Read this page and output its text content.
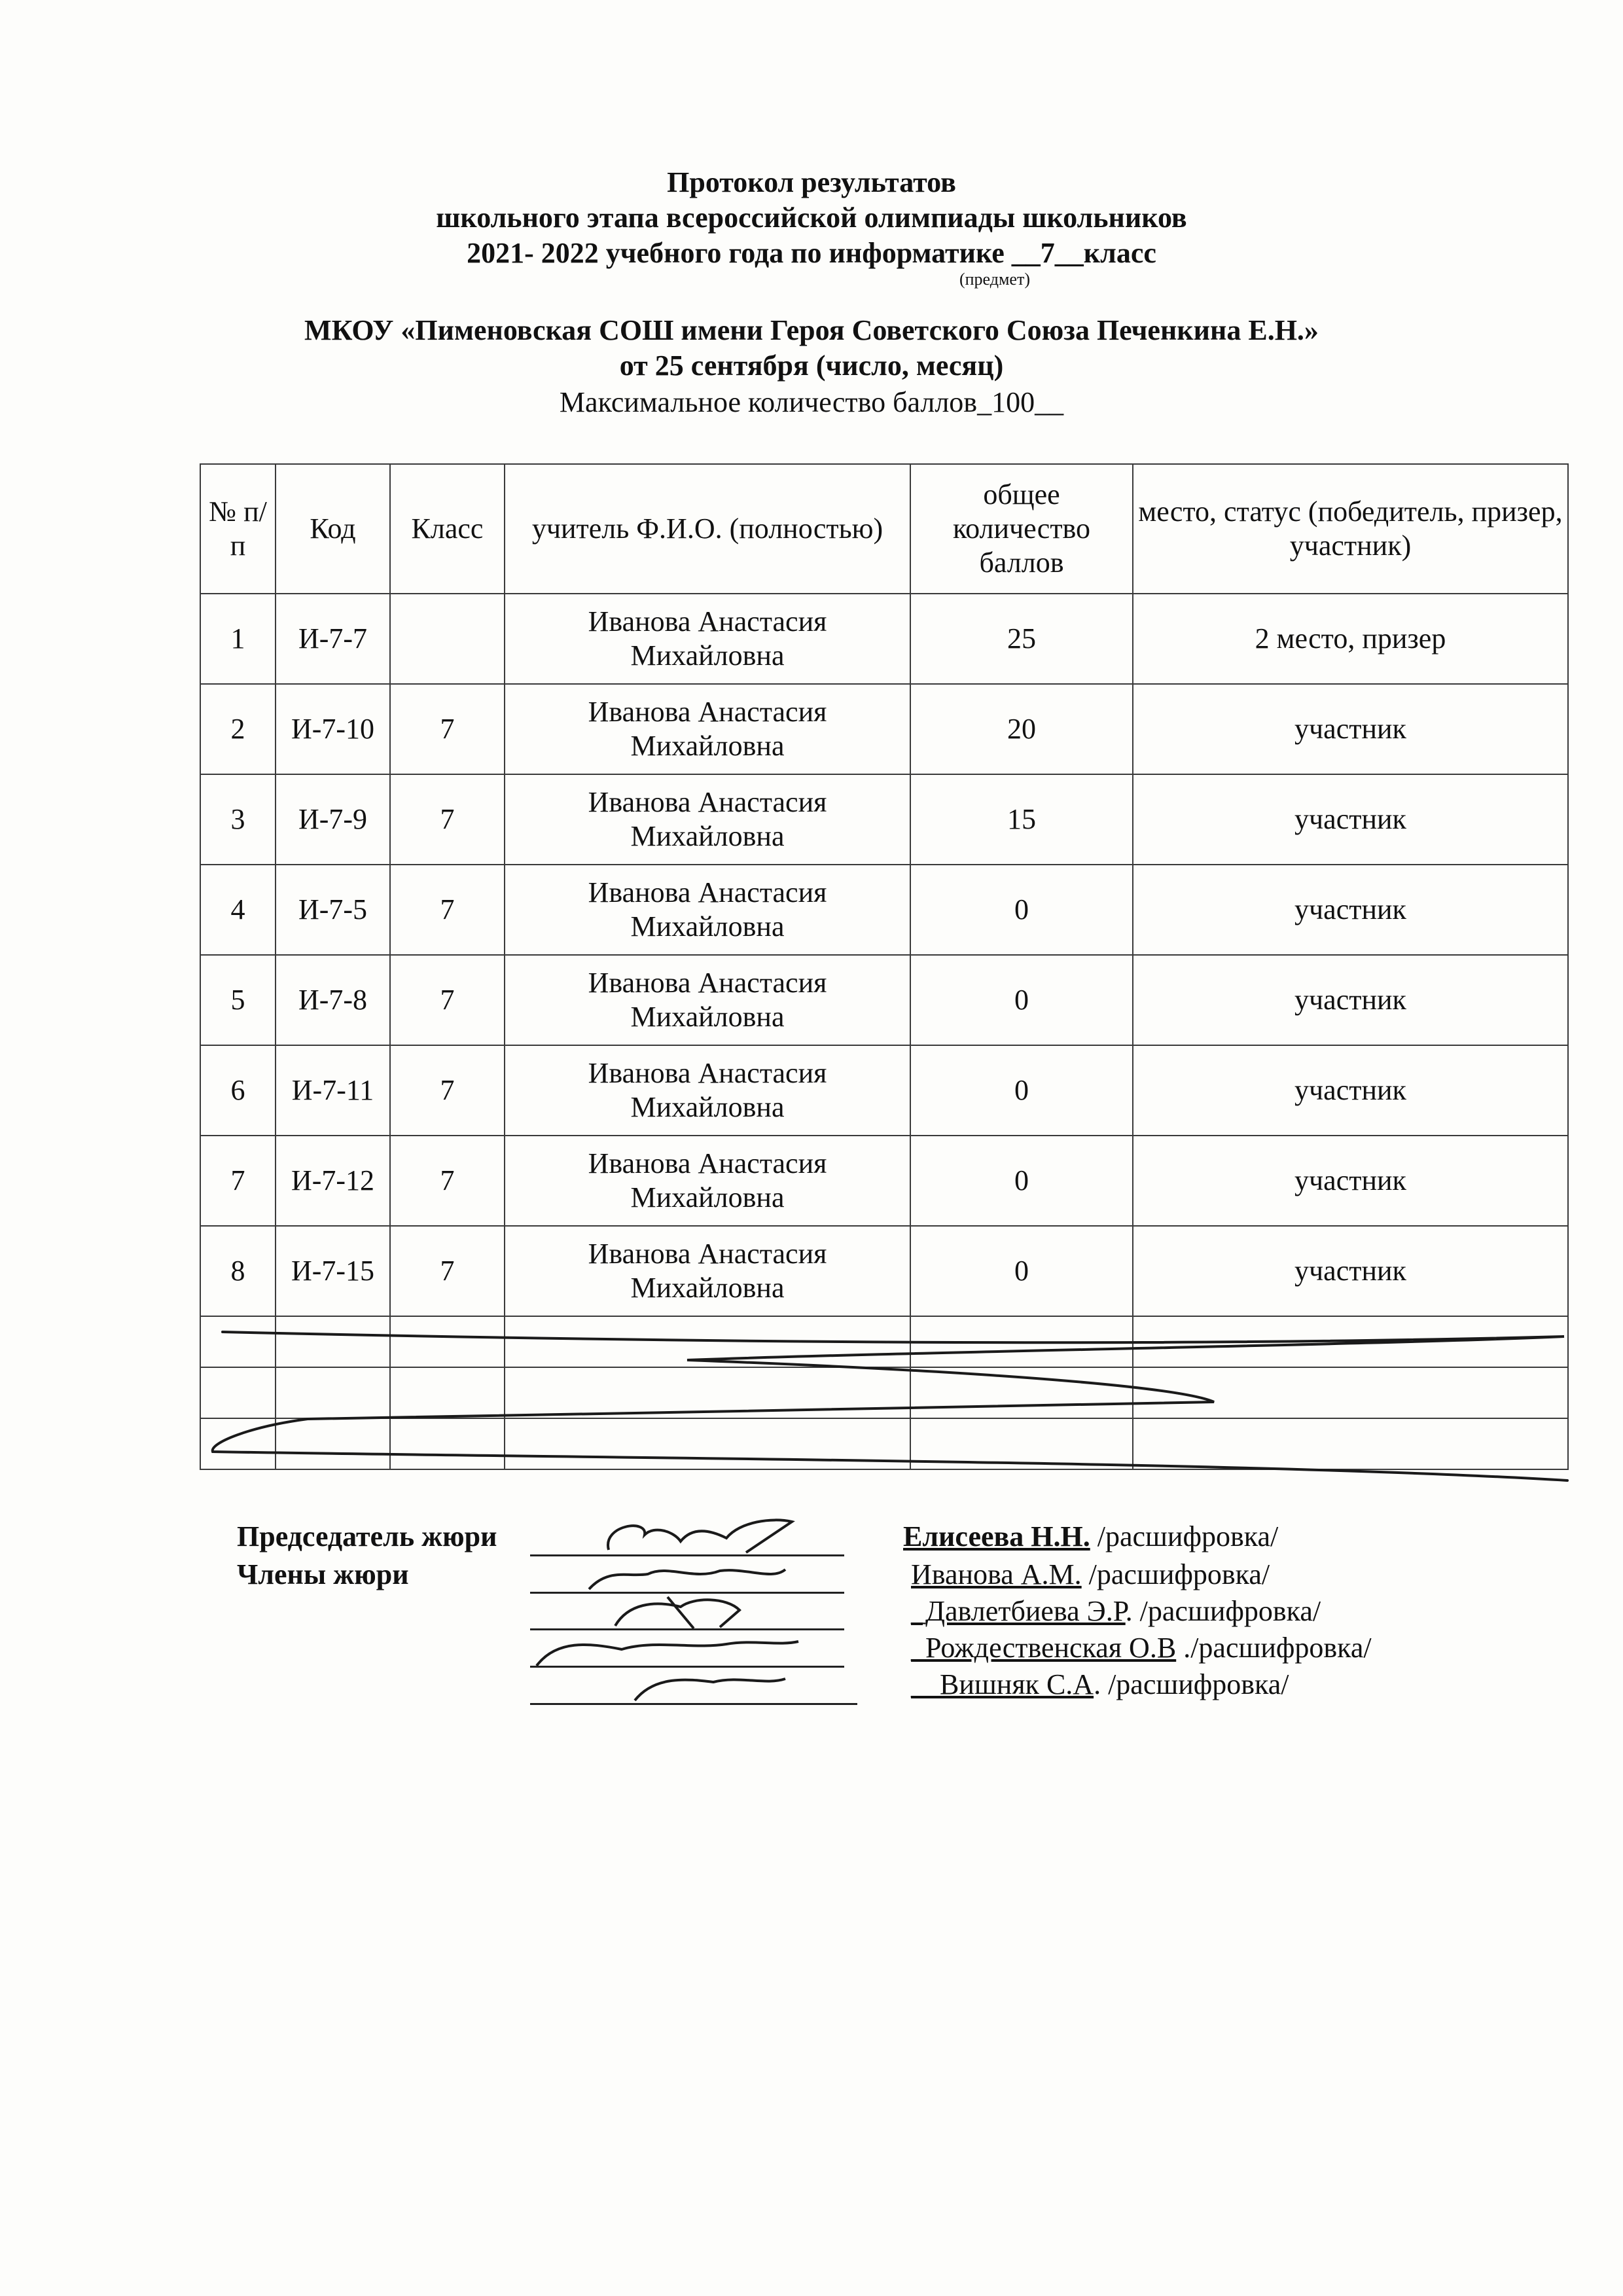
Протокол результатов
школьного этапа всероссийской олимпиады школьников
2021- 2022 учебного года по информатике __7__класс
(предмет)
МКОУ «Пименовская СОШ имени Героя Советского Союза Печенкина Е.Н.»
от 25 сентября (число, месяц)
Максимальное количество баллов_100__
№ п/п	Код	Класс	учитель Ф.И.О. (полностью)	общее количество баллов	место, статус (победитель, призер, участник)
1	И-7-7		Иванова Анастасия Михайловна	25	2 место, призер
2	И-7-10	7	Иванова Анастасия Михайловна	20	участник
3	И-7-9	7	Иванова Анастасия Михайловна	15	участник
4	И-7-5	7	Иванова Анастасия Михайловна	0	участник
5	И-7-8	7	Иванова Анастасия Михайловна	0	участник
6	И-7-11	7	Иванова Анастасия Михайловна	0	участник
7	И-7-12	7	Иванова Анастасия Михайловна	0	участник
8	И-7-15	7	Иванова Анастасия Михайловна	0	участник

Председатель жюри
Члены жюри
Елисеева Н.Н. /расшифровка/
Иванова А.М. /расшифровка/
_Давлетбиева Э.Р. /расшифровка/
_Рождественская О.В ./расшифровка/
__Вишняк С.А. /расшифровка/
